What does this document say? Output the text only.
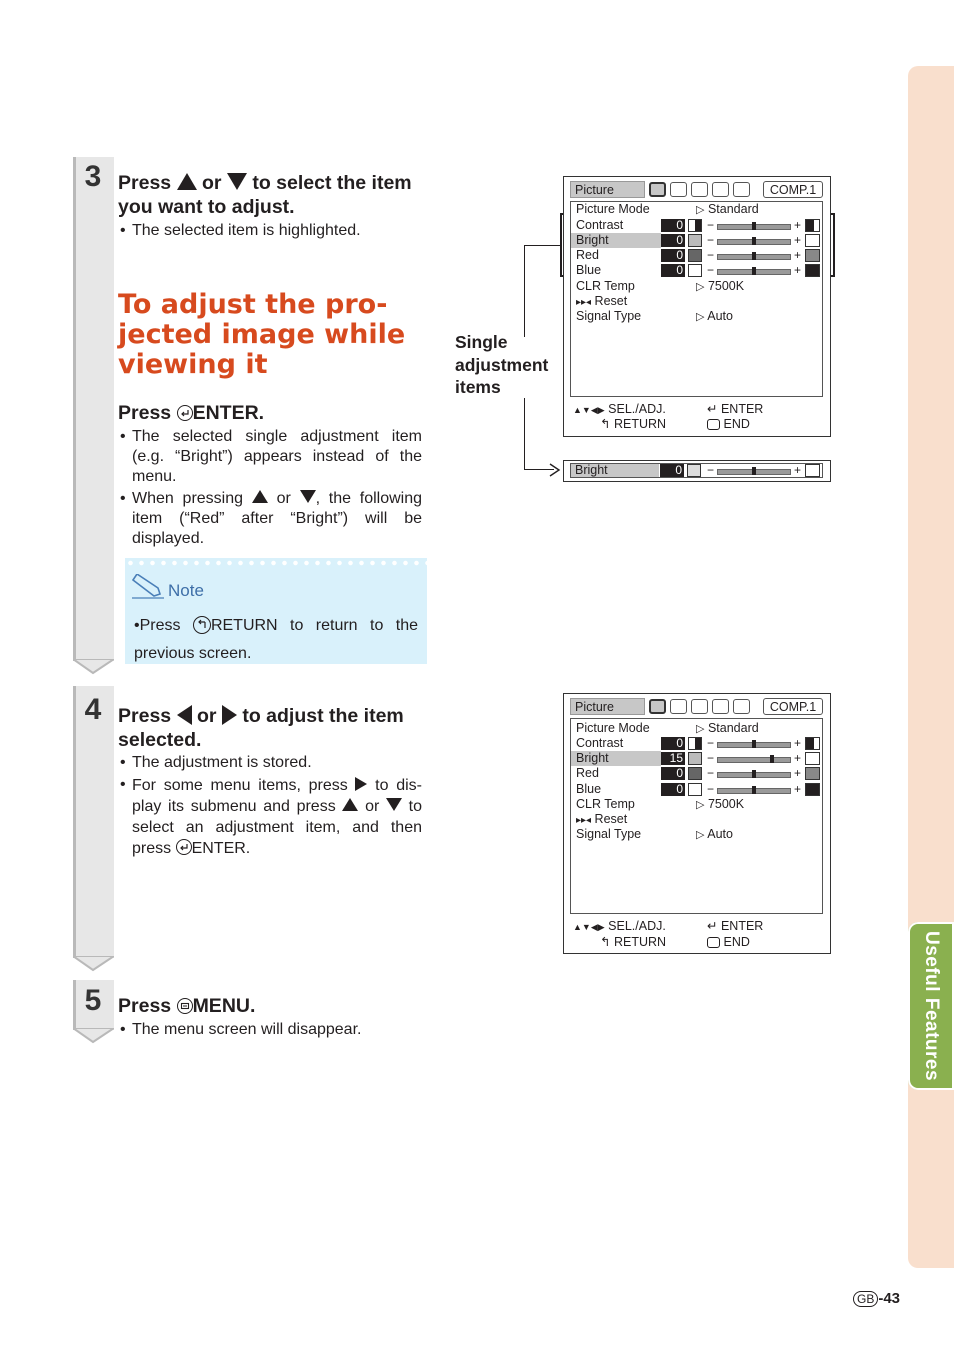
Useful Features
3 Press or to select the item you want to adjust.
• The selected item is highlighted.
To adjust the pro-
jected image while
viewing it
Press ENTER.
• The selected single adjustment item (e.g. “Bright”) appears instead of the menu.
• When pressing or , the following item (“Red” after “Bright”) will be displayed.
Note
•Press RETURN to return to the previous screen.
4 Press or to adjust the item selected.
• The adjustment is stored.
• For some menu items, press to dis-play its submenu and press or to select an adjustment item, and then press ENTER.
5 Press MENU.
• The menu screen will disappear.
Single
adjustment
items
Picture	COMP.1
Picture Mode	▷ Standard
Contrast	0 −	+
Bright	0 −	+
Red	0 −	+
Blue	0 −	+
CLR Temp	▷ 7500K
▸▸◂ Reset
Signal Type	▷ Auto
▲▼◀▶ SEL./ADJ.	↵ ENTER
↰ RETURN	END
Bright	0 −	+
Picture	COMP.1
Picture Mode	▷ Standard
Contrast	0 −	+
Bright	15 −	+
Red	0 −	+
Blue	0 −	+
CLR Temp	▷ 7500K
▸▸◂ Reset
Signal Type	▷ Auto
▲▼◀▶ SEL./ADJ.	↵ ENTER
↰ RETURN	END
GB -43
